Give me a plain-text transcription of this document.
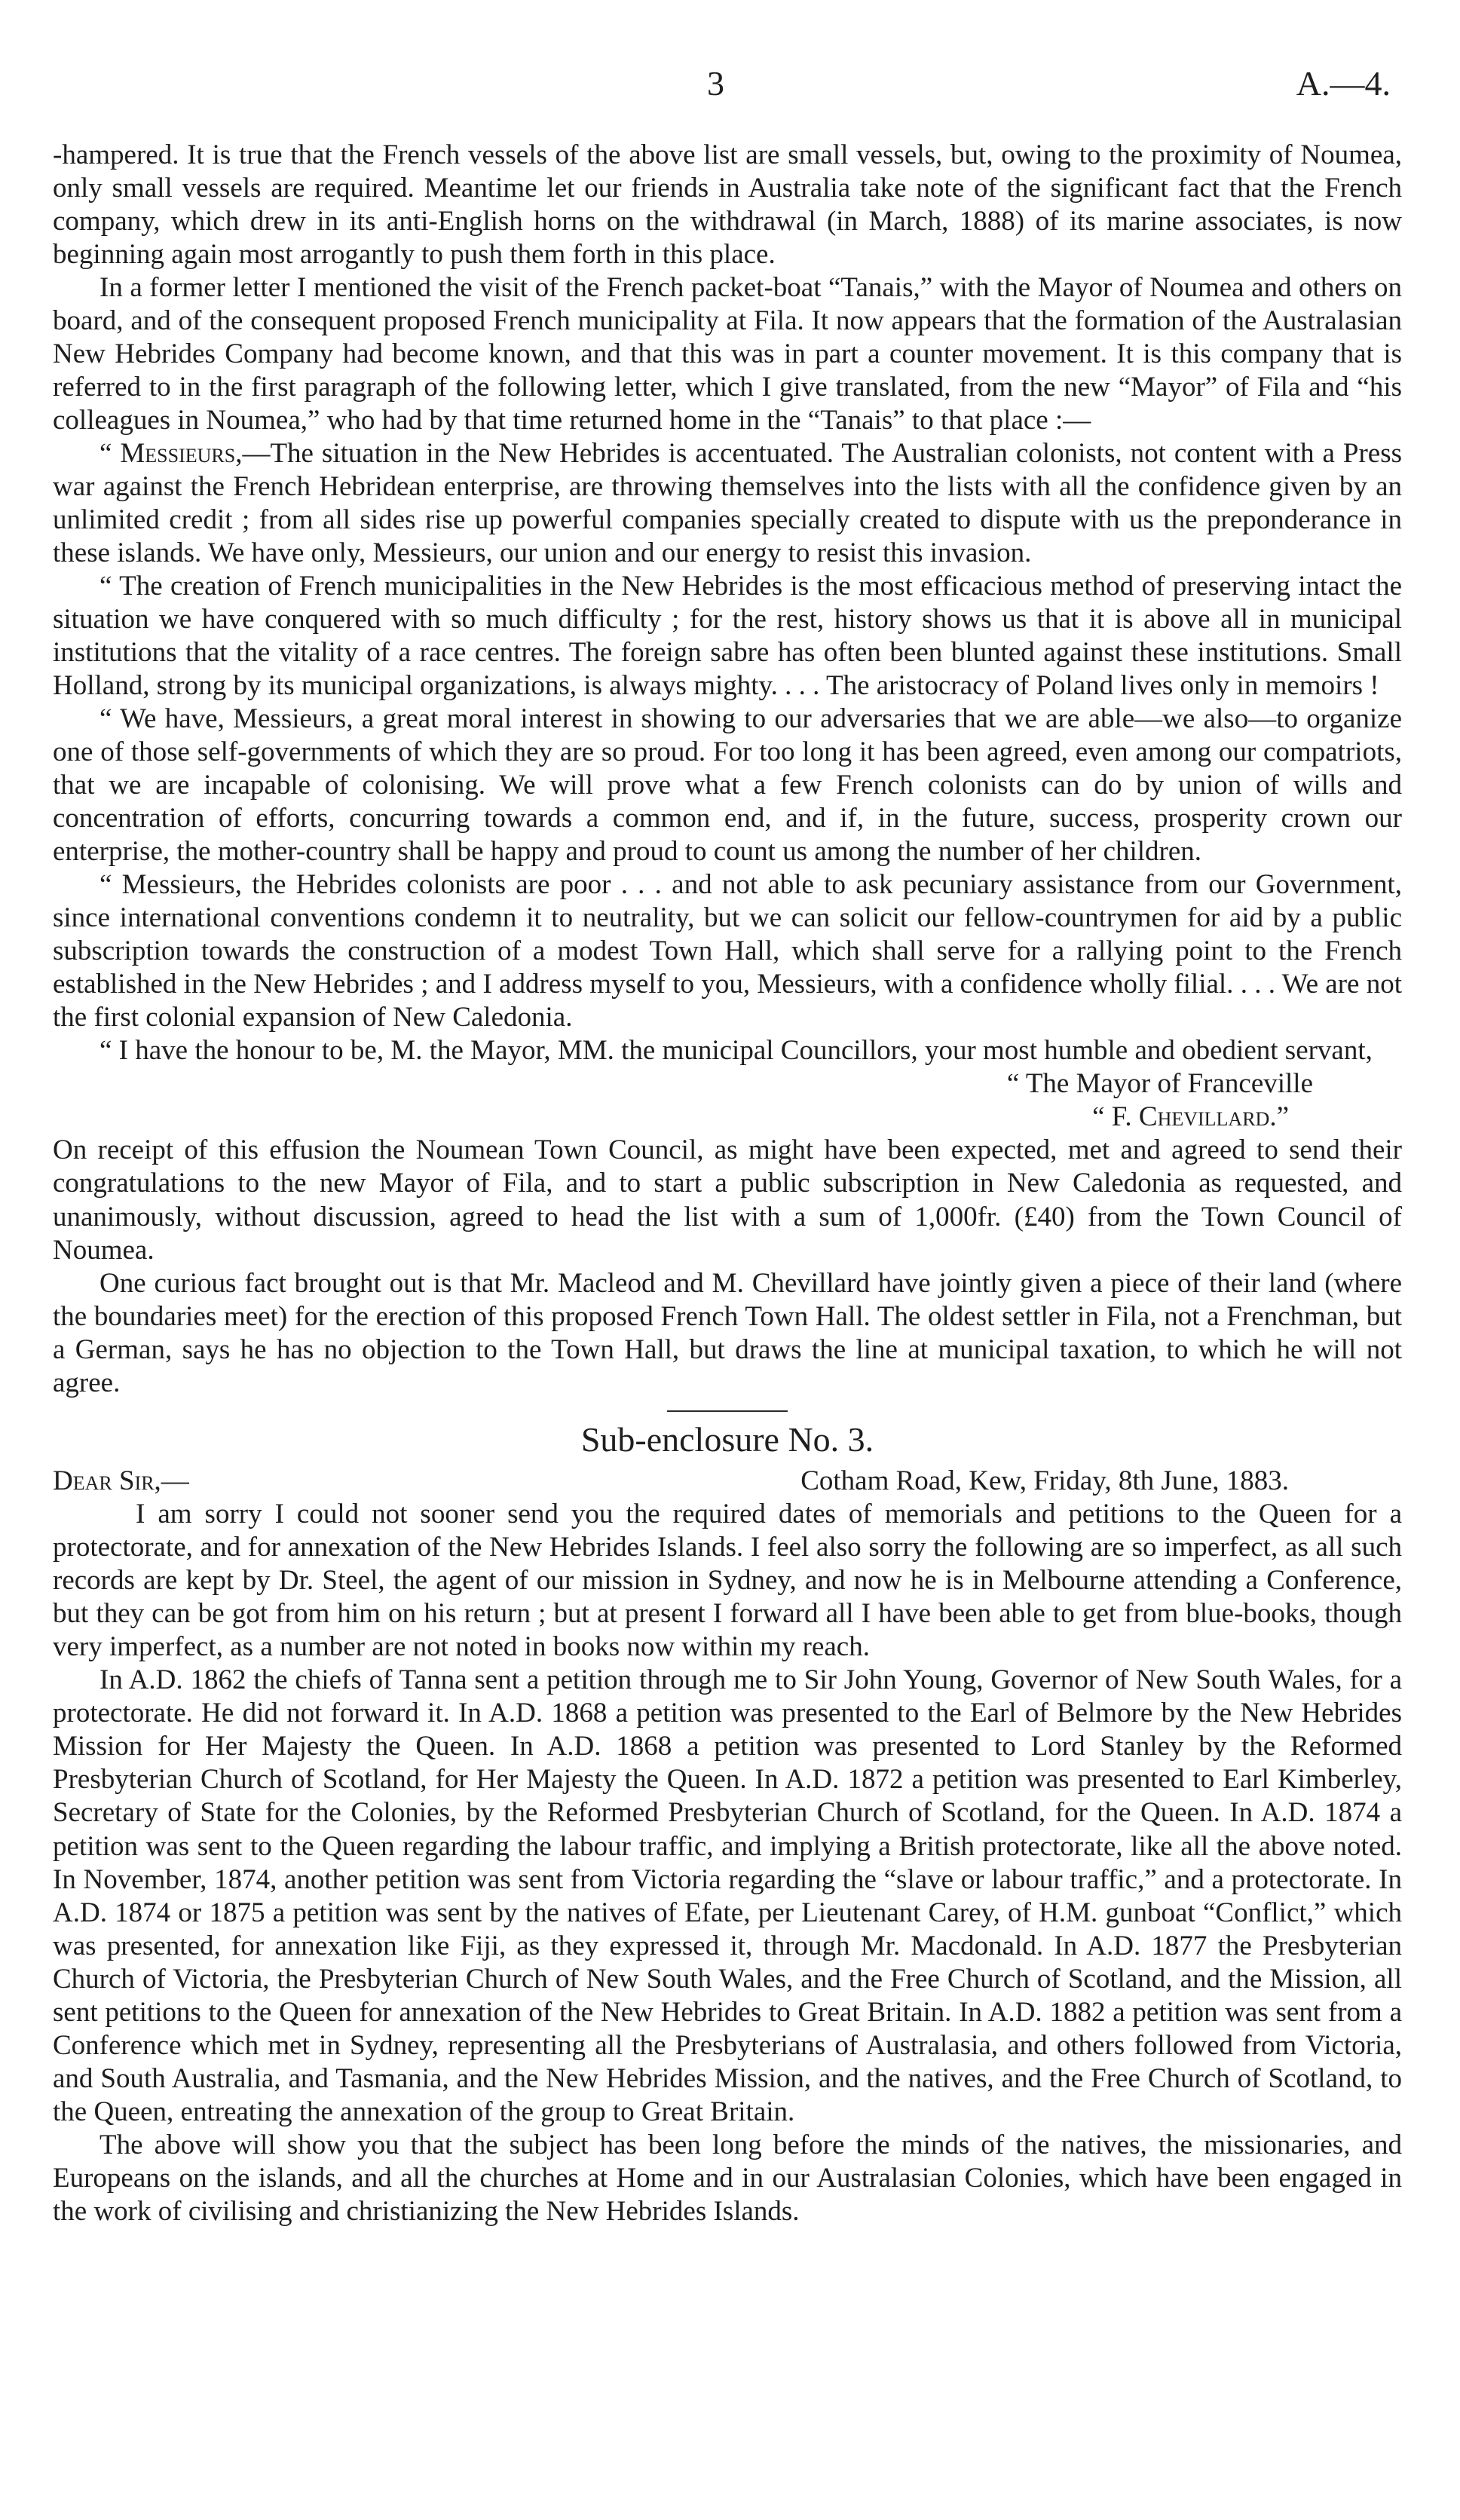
3	A.—4.

-hampered. It is true that the French vessels of the above list are small vessels, but, owing to the proximity of Noumea, only small vessels are required. Meantime let our friends in Australia take note of the significant fact that the French company, which drew in its anti-English horns on the withdrawal (in March, 1888) of its marine associates, is now beginning again most arrogantly to push them forth in this place.

In a former letter I mentioned the visit of the French packet-boat “Tanais,” with the Mayor of Noumea and others on board, and of the consequent proposed French municipality at Fila. It now appears that the formation of the Australasian New Hebrides Company had become known, and that this was in part a counter movement. It is this company that is referred to in the first paragraph of the following letter, which I give translated, from the new “Mayor” of Fila and “his colleagues in Noumea,” who had by that time returned home in the “Tanais” to that place :—

“ Messieurs,—The situation in the New Hebrides is accentuated. The Australian colonists, not content with a Press war against the French Hebridean enterprise, are throwing themselves into the lists with all the confidence given by an unlimited credit ; from all sides rise up powerful companies specially created to dispute with us the preponderance in these islands. We have only, Messieurs, our union and our energy to resist this invasion.

“ The creation of French municipalities in the New Hebrides is the most efficacious method of preserving intact the situation we have conquered with so much difficulty ; for the rest, history shows us that it is above all in municipal institutions that the vitality of a race centres. The foreign sabre has often been blunted against these institutions. Small Holland, strong by its municipal organizations, is always mighty. . . . The aristocracy of Poland lives only in memoirs !

“ We have, Messieurs, a great moral interest in showing to our adversaries that we are able—we also—to organize one of those self-governments of which they are so proud. For too long it has been agreed, even among our compatriots, that we are incapable of colonising. We will prove what a few French colonists can do by union of wills and concentration of efforts, concurring towards a common end, and if, in the future, success, prosperity crown our enterprise, the mother-country shall be happy and proud to count us among the number of her children.

“ Messieurs, the Hebrides colonists are poor . . . and not able to ask pecuniary assistance from our Government, since international conventions condemn it to neutrality, but we can solicit our fellow-countrymen for aid by a public subscription towards the construction of a modest Town Hall, which shall serve for a rallying point to the French established in the New Hebrides ; and I address myself to you, Messieurs, with a confidence wholly filial. . . . We are not the first colonial expansion of New Caledonia.

“ I have the honour to be, M. the Mayor, MM. the municipal Councillors, your most humble and obedient servant,

“ The Mayor of Franceville

“ F. Chevillard.”

On receipt of this effusion the Noumean Town Council, as might have been expected, met and agreed to send their congratulations to the new Mayor of Fila, and to start a public subscription in New Caledonia as requested, and unanimously, without discussion, agreed to head the list with a sum of 1,000fr. (£40) from the Town Council of Noumea.

One curious fact brought out is that Mr. Macleod and M. Chevillard have jointly given a piece of their land (where the boundaries meet) for the erection of this proposed French Town Hall. The oldest settler in Fila, not a Frenchman, but a German, says he has no objection to the Town Hall, but draws the line at municipal taxation, to which he will not agree.

Sub-enclosure No. 3.
Dear Sir,—	Cotham Road, Kew, Friday, 8th June, 1883.

I am sorry I could not sooner send you the required dates of memorials and petitions to the Queen for a protectorate, and for annexation of the New Hebrides Islands. I feel also sorry the following are so imperfect, as all such records are kept by Dr. Steel, the agent of our mission in Sydney, and now he is in Melbourne attending a Conference, but they can be got from him on his return ; but at present I forward all I have been able to get from blue-books, though very imperfect, as a number are not noted in books now within my reach.

In A.D. 1862 the chiefs of Tanna sent a petition through me to Sir John Young, Governor of New South Wales, for a protectorate. He did not forward it. In A.D. 1868 a petition was presented to the Earl of Belmore by the New Hebrides Mission for Her Majesty the Queen. In A.D. 1868 a petition was presented to Lord Stanley by the Reformed Presbyterian Church of Scotland, for Her Majesty the Queen. In A.D. 1872 a petition was presented to Earl Kimberley, Secretary of State for the Colonies, by the Reformed Presbyterian Church of Scotland, for the Queen. In A.D. 1874 a petition was sent to the Queen regarding the labour traffic, and implying a British protectorate, like all the above noted. In November, 1874, another petition was sent from Victoria regarding the “slave or labour traffic,” and a protectorate. In A.D. 1874 or 1875 a petition was sent by the natives of Efate, per Lieutenant Carey, of H.M. gunboat “Conflict,” which was presented, for annexation like Fiji, as they expressed it, through Mr. Macdonald. In A.D. 1877 the Presbyterian Church of Victoria, the Presbyterian Church of New South Wales, and the Free Church of Scotland, and the Mission, all sent petitions to the Queen for annexation of the New Hebrides to Great Britain. In A.D. 1882 a petition was sent from a Conference which met in Sydney, representing all the Presbyterians of Australasia, and others followed from Victoria, and South Australia, and Tasmania, and the New Hebrides Mission, and the natives, and the Free Church of Scotland, to the Queen, entreating the annexation of the group to Great Britain.

The above will show you that the subject has been long before the minds of the natives, the missionaries, and Europeans on the islands, and all the churches at Home and in our Australasian Colonies, which have been engaged in the work of civilising and christianizing the New Hebrides Islands.
